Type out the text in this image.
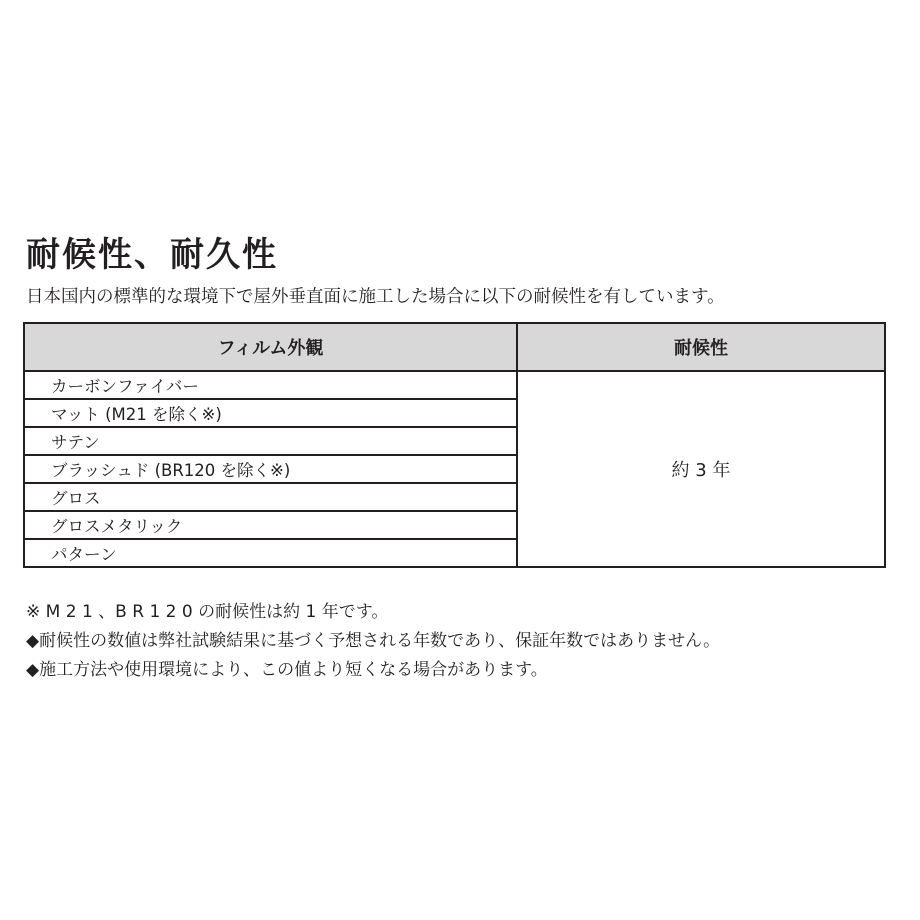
耐候性、耐久性

日本国内の標準的な環境下で屋外垂直面に施工した場合に以下の耐候性を有しています。

フィルム外観	耐候性
カーボンファイバー	約 3 年
マット (M21 を除く※)	
サテン	
ブラッシュド (BR120 を除く※)	
グロス	
グロスメタリック	
パターン	
※ M 2 1 、B R 1 2 0 の耐候性は約 1 年です。
◆耐候性の数値は弊社試験結果に基づく予想される年数であり、保証年数ではありません。
◆施工方法や使用環境により、この値より短くなる場合があります。
